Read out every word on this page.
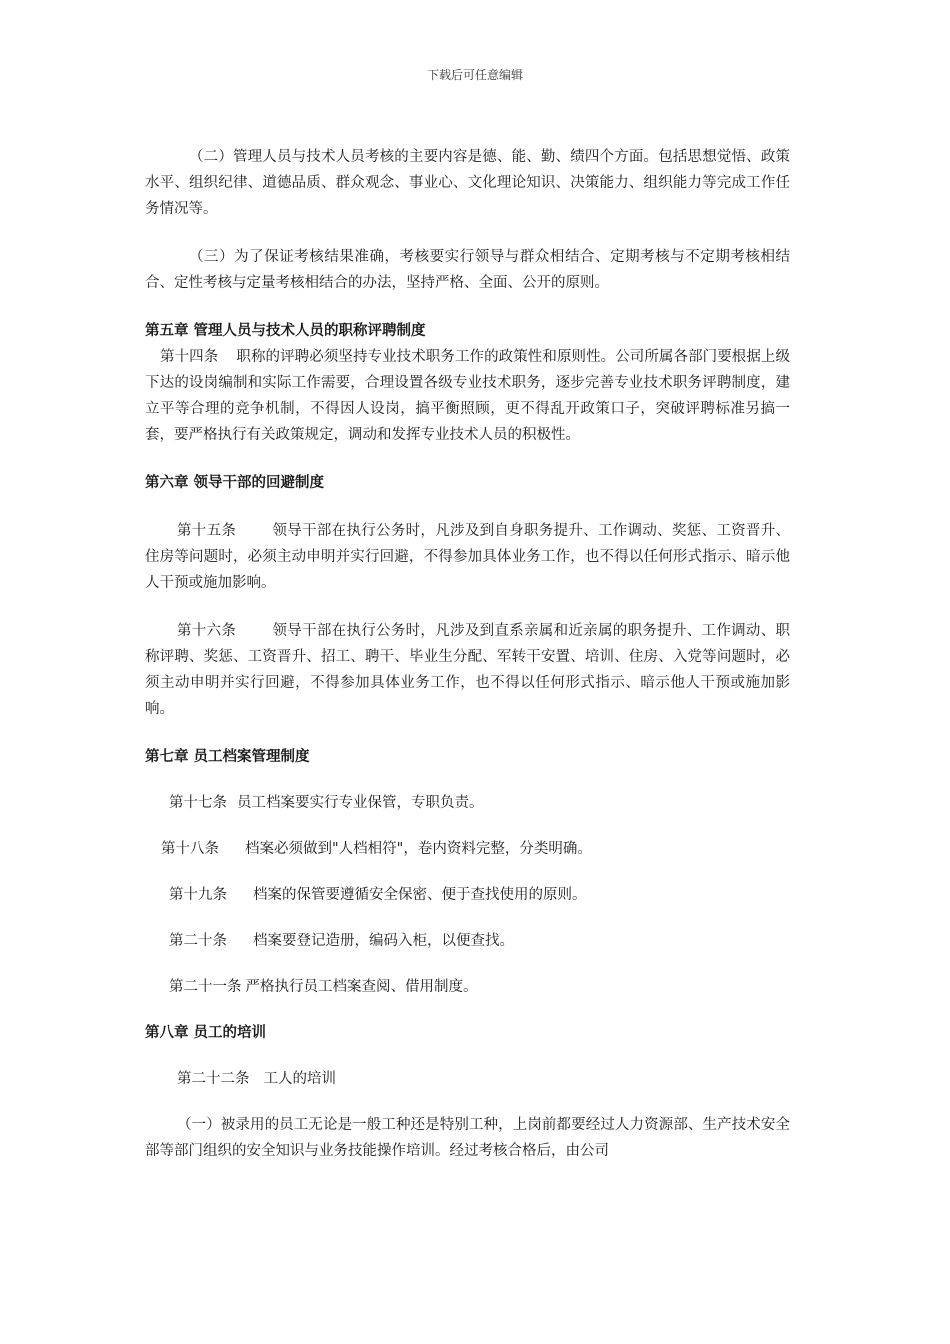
下载后可任意编辑

（二）管理人员与技术人员考核的主要内容是德、能、勤、绩四个方面。包括思想觉悟、政策水平、组织纪律、道德品质、群众观念、事业心、文化理论知识、决策能力、组织能力等完成工作任务情况等。

（三）为了保证考核结果准确，考核要实行领导与群众相结合、定期考核与不定期考核相结合、定性考核与定量考核相结合的办法，坚持严格、全面、公开的原则。

第五章 管理人员与技术人员的职称评聘制度

第十四条 职称的评聘必须坚持专业技术职务工作的政策性和原则性。公司所属各部门要根据上级下达的设岗编制和实际工作需要，合理设置各级专业技术职务，逐步完善专业技术职务评聘制度，建立平等合理的竞争机制，不得因人设岗，搞平衡照顾，更不得乱开政策口子，突破评聘标准另搞一套，要严格执行有关政策规定，调动和发挥专业技术人员的积极性。

第六章 领导干部的回避制度

第十五条 领导干部在执行公务时，凡涉及到自身职务提升、工作调动、奖惩、工资晋升、住房等问题时，必须主动申明并实行回避，不得参加具体业务工作，也不得以任何形式指示、暗示他人干预或施加影响。

第十六条 领导干部在执行公务时，凡涉及到直系亲属和近亲属的职务提升、工作调动、职称评聘、奖惩、工资晋升、招工、聘干、毕业生分配、军转干安置、培训、住房、入党等问题时，必须主动申明并实行回避，不得参加具体业务工作，也不得以任何形式指示、暗示他人干预或施加影响。

第七章 员工档案管理制度

第十七条 员工档案要实行专业保管，专职负责。

第十八条 档案必须做到"人档相符"，卷内资料完整，分类明确。

第十九条 档案的保管要遵循安全保密、便于查找使用的原则。

第二十条 档案要登记造册，编码入柜，以便查找。

第二十一条 严格执行员工档案查阅、借用制度。

第八章 员工的培训

第二十二条 工人的培训

（一）被录用的员工无论是一般工种还是特别工种，上岗前都要经过人力资源部、生产技术安全部等部门组织的安全知识与业务技能操作培训。经过考核合格后，由公司
